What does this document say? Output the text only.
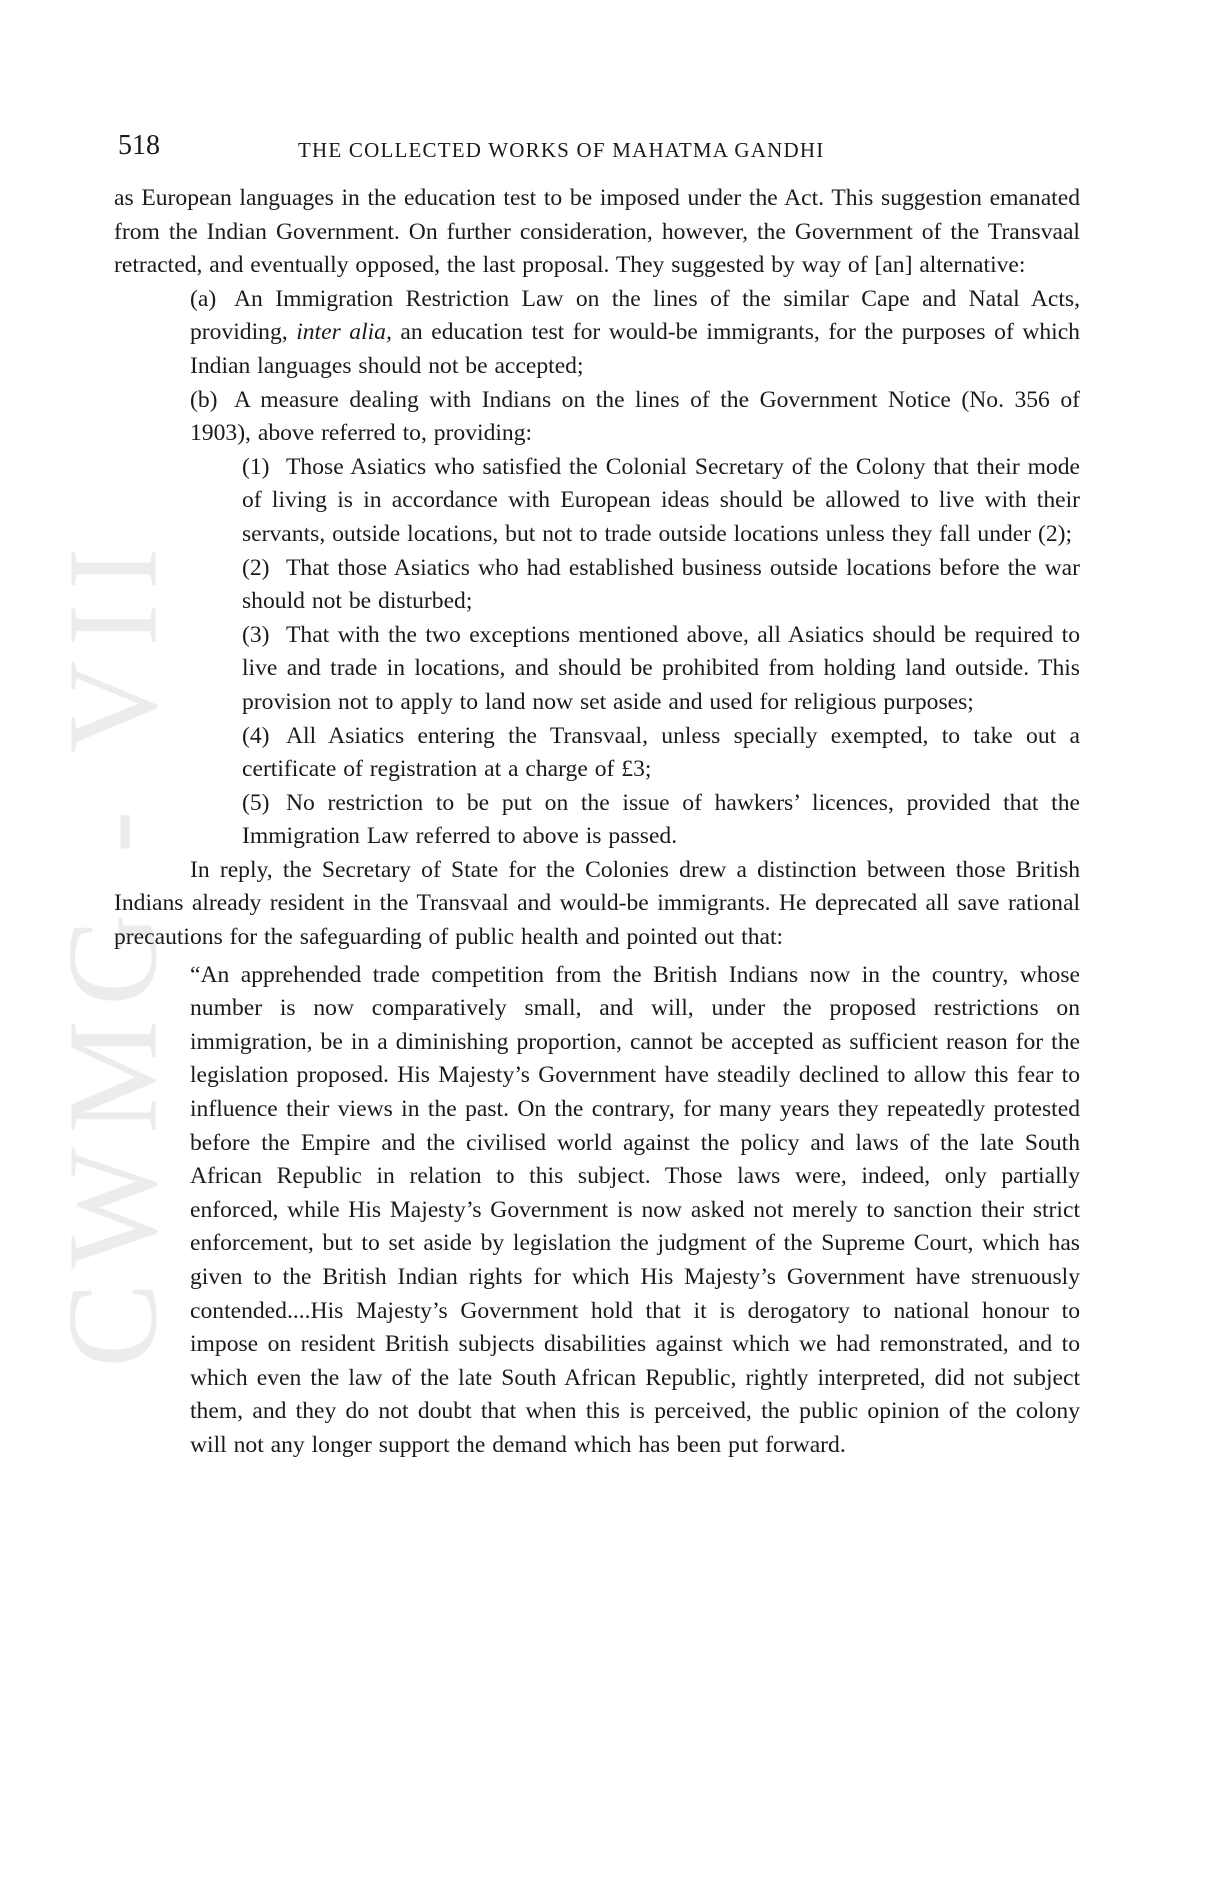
CWMG - VII
518	THE COLLECTED WORKS OF MAHATMA GANDHI

as European languages in the education test to be imposed under the Act. This suggestion emanated from the Indian Government. On further consideration, however, the Government of the Transvaal retracted, and eventually opposed, the last proposal. They suggested by way of [an] alternative:

(a) An Immigration Restriction Law on the lines of the similar Cape and Natal Acts, providing, inter alia, an education test for would-be immigrants, for the purposes of which Indian languages should not be accepted;

(b) A measure dealing with Indians on the lines of the Government Notice (No. 356 of 1903), above referred to, providing:

(1) Those Asiatics who satisfied the Colonial Secretary of the Colony that their mode of living is in accordance with European ideas should be allowed to live with their servants, outside locations, but not to trade outside locations unless they fall under (2);

(2) That those Asiatics who had established business outside locations before the war should not be disturbed;

(3) That with the two exceptions mentioned above, all Asiatics should be required to live and trade in locations, and should be prohibited from holding land outside. This provision not to apply to land now set aside and used for religious purposes;

(4) All Asiatics entering the Transvaal, unless specially exempted, to take out a certificate of registration at a charge of £3;

(5) No restriction to be put on the issue of hawkers’ licences, provided that the Immigration Law referred to above is passed.

In reply, the Secretary of State for the Colonies drew a distinction between those British Indians already resident in the Transvaal and would-be immigrants. He deprecated all save rational precautions for the safeguarding of public health and pointed out that:

“An apprehended trade competition from the British Indians now in the country, whose number is now comparatively small, and will, under the proposed restrictions on immigration, be in a diminishing proportion, cannot be accepted as sufficient reason for the legislation proposed. His Majesty’s Government have steadily declined to allow this fear to influence their views in the past. On the contrary, for many years they repeatedly protested before the Empire and the civilised world against the policy and laws of the late South African Republic in relation to this subject. Those laws were, indeed, only partially enforced, while His Majesty’s Government is now asked not merely to sanction their strict enforcement, but to set aside by legislation the judgment of the Supreme Court, which has given to the British Indian rights for which His Majesty’s Government have strenuously contended....His Majesty’s Government hold that it is derogatory to national honour to impose on resident British subjects disabilities against which we had remonstrated, and to which even the law of the late South African Republic, rightly interpreted, did not subject them, and they do not doubt that when this is perceived, the public opinion of the colony will not any longer support the demand which has been put forward.
